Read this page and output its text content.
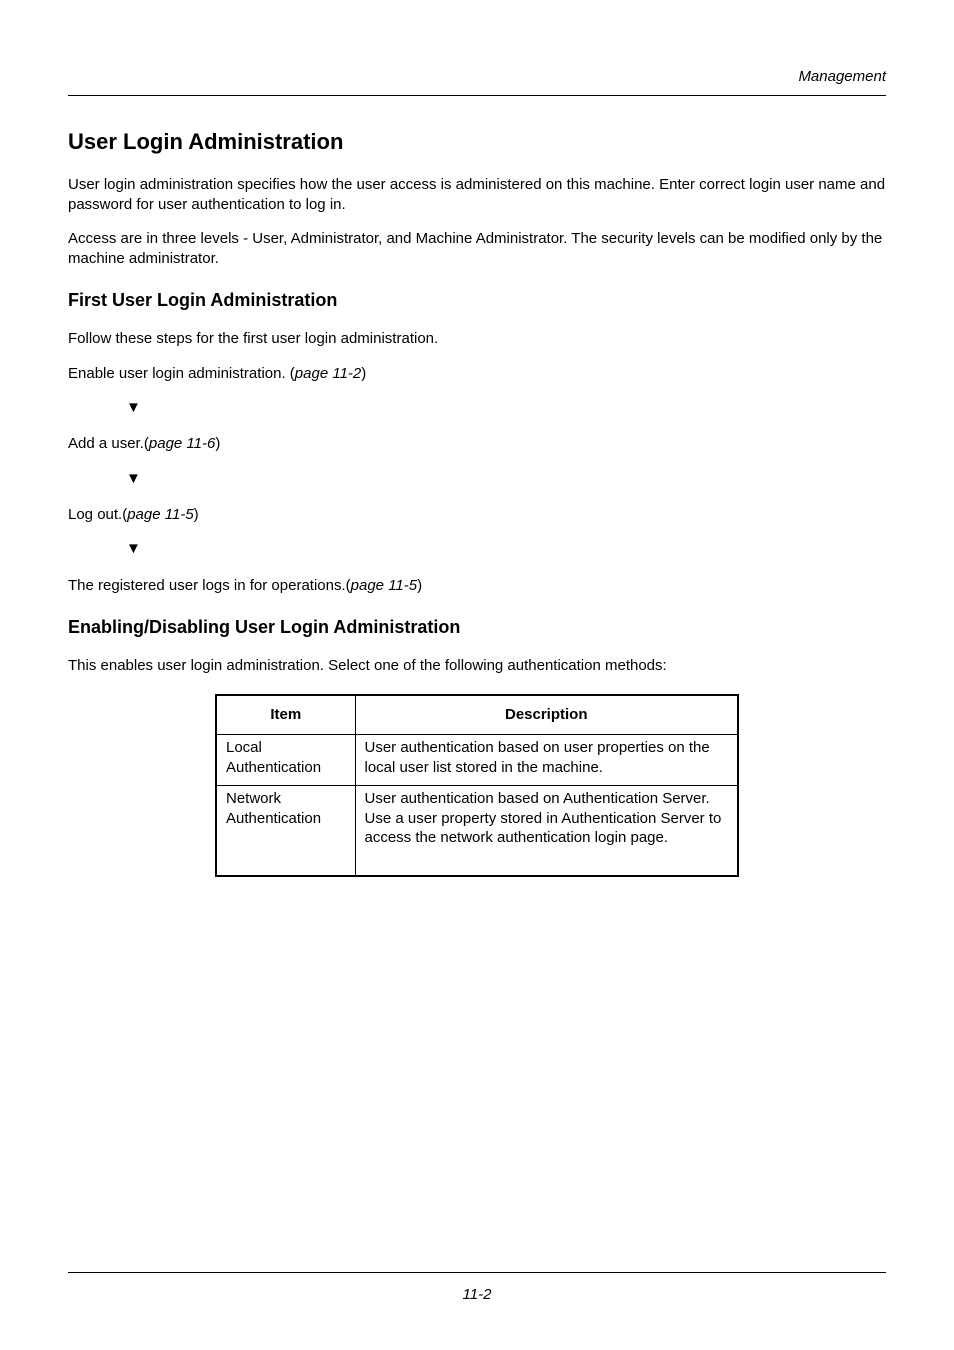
Management
User Login Administration

User login administration specifies how the user access is administered on this machine. Enter correct login user name and password for user authentication to log in.

Access are in three levels - User, Administrator, and Machine Administrator. The security levels can be modified only by the machine administrator.

First User Login Administration

Follow these steps for the first user login administration.

Enable user login administration. (page 11-2)

▼

Add a user.(page 11-6)

▼

Log out.(page 11-5)

▼

The registered user logs in for operations.(page 11-5)

Enabling/Disabling User Login Administration

This enables user login administration. Select one of the following authentication methods:

Item	Description
Local Authentication	User authentication based on user properties on the local user list stored in the machine.
Network Authentication	User authentication based on Authentication Server. Use a user property stored in Authentication Server to access the network authentication login page.
11-2
